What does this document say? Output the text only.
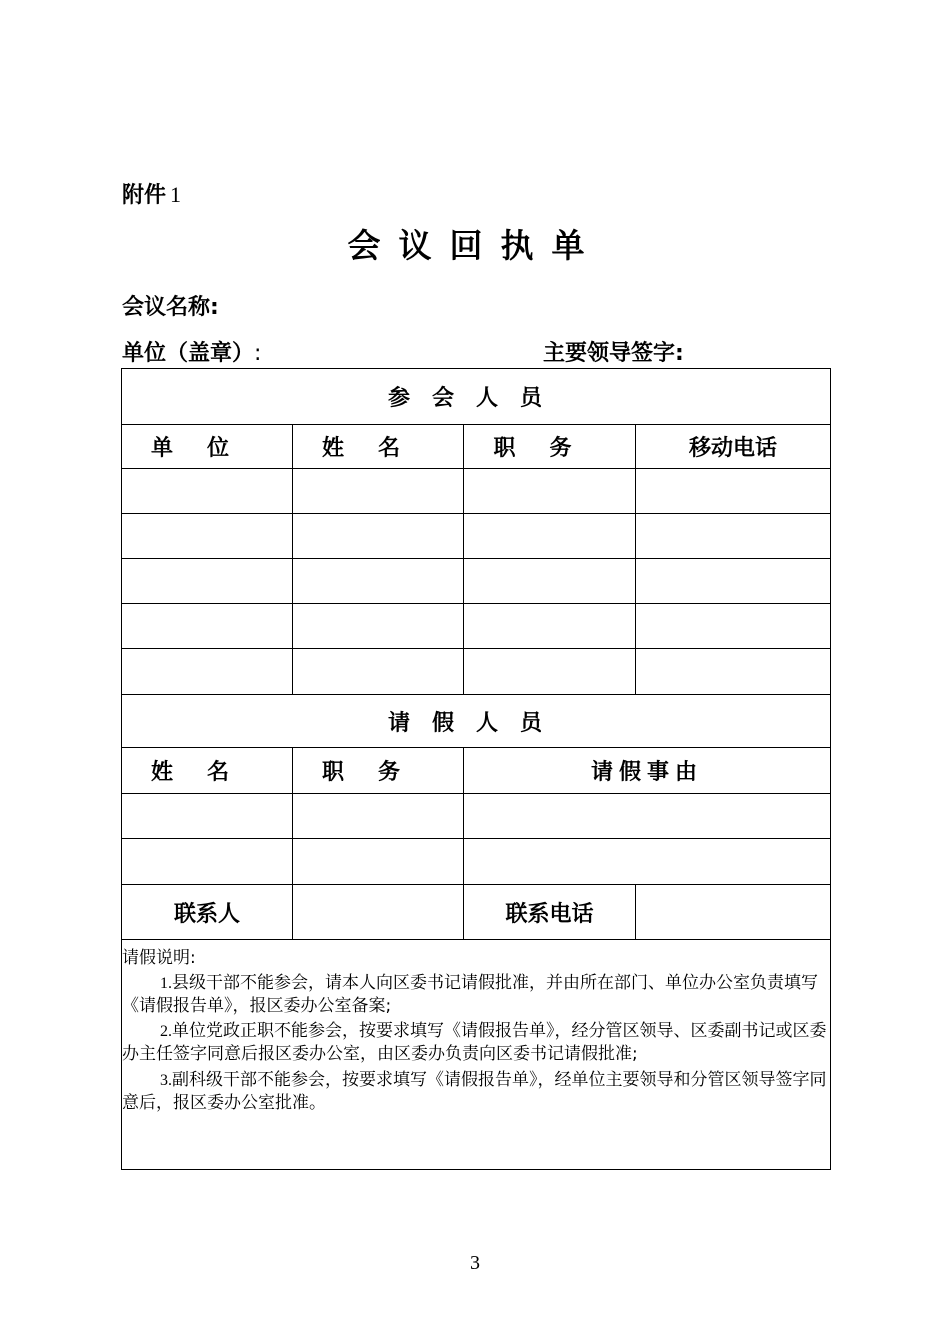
附件 1
会议回执单
会议名称:
单位（盖章）:	主要领导签字:
参会人员			
单位	姓名	职务	移动电话

请假人员			
姓名	职务	请假事由	

联系人		联系电话	

请假说明:
1.县级干部不能参会，请本人向区委书记请假批准，并由所在部门、单位办公室负责填写《请假报告单》，报区委办公室备案;
2.单位党政正职不能参会，按要求填写《请假报告单》，经分管区领导、区委副书记或区委办主任签字同意后报区委办公室，由区委办负责向区委书记请假批准;
3.副科级干部不能参会，按要求填写《请假报告单》，经单位主要领导和分管区领导签字同意后，报区委办公室批准。			
3
